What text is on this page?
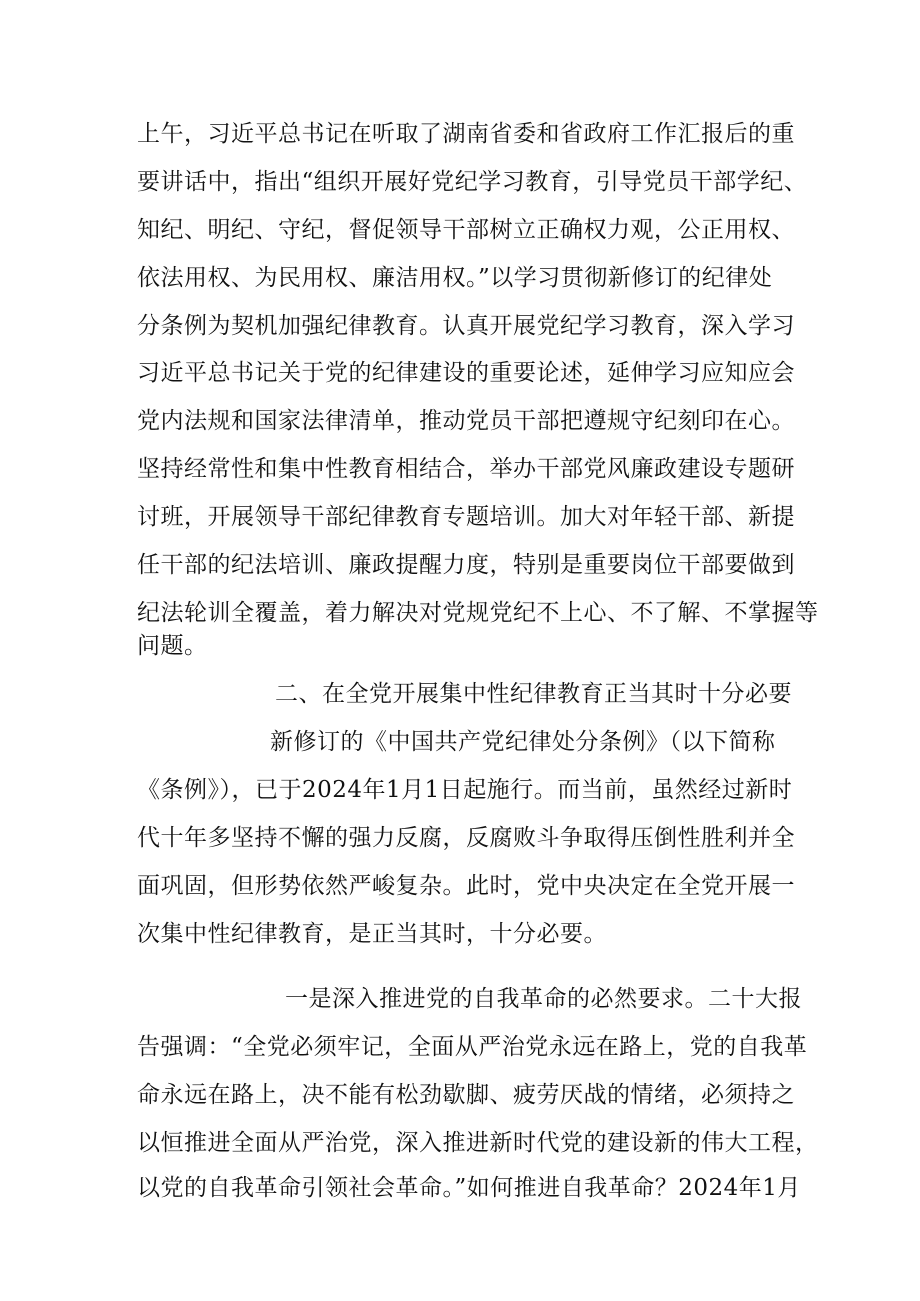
上午，习近平总书记在听取了湖南省委和省政府工作汇报后的重
要讲话中，指出“组织开展好党纪学习教育，引导党员干部学纪、
知纪、明纪、守纪，督促领导干部树立正确权力观，公正用权、
依法用权、为民用权、廉洁用权。”以学习贯彻新修订的纪律处
分条例为契机加强纪律教育。认真开展党纪学习教育，深入学习
习近平总书记关于党的纪律建设的重要论述，延伸学习应知应会
党内法规和国家法律清单，推动党员干部把遵规守纪刻印在心。
坚持经常性和集中性教育相结合，举办干部党风廉政建设专题研
讨班，开展领导干部纪律教育专题培训。加大对年轻干部、新提
任干部的纪法培训、廉政提醒力度，特别是重要岗位干部要做到
纪法轮训全覆盖，着力解决对党规党纪不上心、不了解、不掌握等
问题。
二、在全党开展集中性纪律教育正当其时十分必要
新修订的《中国共产党纪律处分条例》（以下简称
《条例》），已于2024年1月1日起施行。而当前，虽然经过新时
代十年多坚持不懈的强力反腐，反腐败斗争取得压倒性胜利并全
面巩固，但形势依然严峻复杂。此时，党中央决定在全党开展一
次集中性纪律教育，是正当其时，十分必要。
一是深入推进党的自我革命的必然要求。二十大报
告强调：“全党必须牢记，全面从严治党永远在路上，党的自我革
命永远在路上，决不能有松劲歇脚、疲劳厌战的情绪，必须持之
以恒推进全面从严治党，深入推进新时代党的建设新的伟大工程，
以党的自我革命引领社会革命。”如何推进自我革命？2024年1月
